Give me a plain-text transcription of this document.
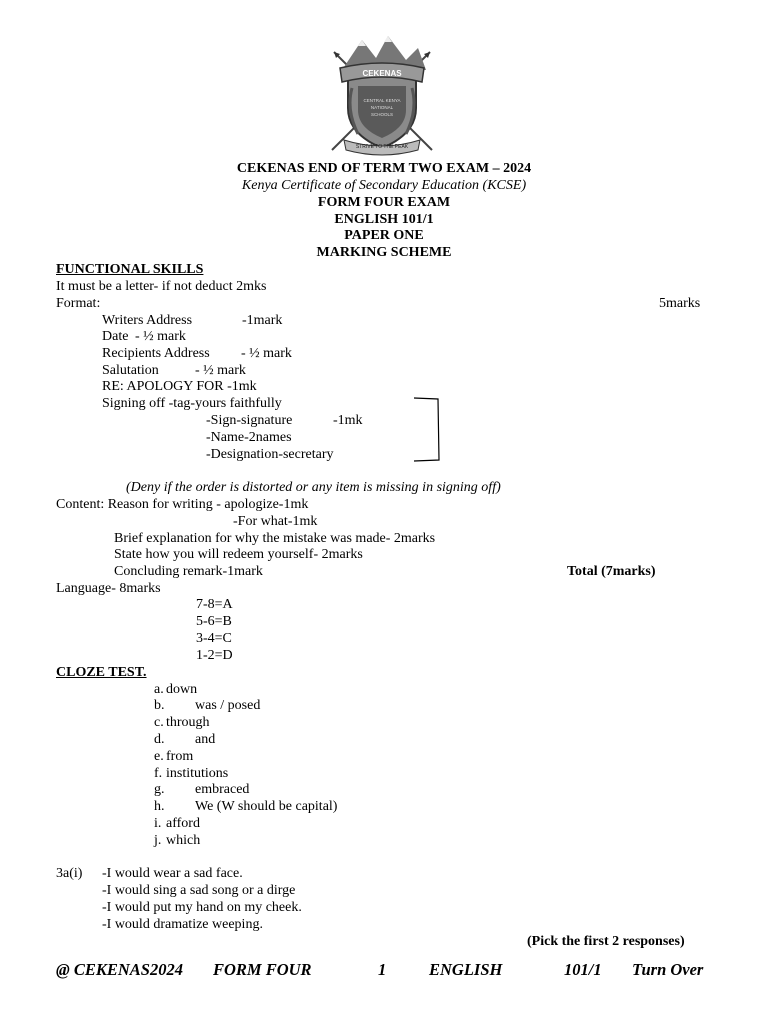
CEKENAS
CENTRAL KENYA
NATIONAL
SCHOOLS
STRIVE TO THE PEAK
CEKENAS END OF TERM TWO EXAM – 2024
Kenya Certificate of Secondary Education (KCSE)
FORM FOUR EXAM
ENGLISH 101/1
PAPER ONE
MARKING SCHEME
FUNCTIONAL SKILLS
It must be a letter- if not deduct 2mks
Format:	5marks
Writers Address	-1mark
Date - ½ mark
Recipients Address - ½ mark
Salutation	- ½ mark
RE: APOLOGY FOR -1mk
Signing off -tag-yours faithfully
-Sign-signature	-1mk
-Name-2names
-Designation-secretary
(Deny if the order is distorted or any item is missing in signing off)
Content: Reason for writing - apologize-1mk
-For what-1mk
Brief explanation for why the mistake was made- 2marks
State how you will redeem yourself- 2marks
Concluding remark-1mark	Total (7marks)
Language- 8marks
7-8=A
5-6=B
3-4=C
1-2=D
CLOZE TEST.
a. down
b. was / posed
c. through
d. and
e. from
f. institutions
g. embraced
h. We (W should be capital)
i. afford
j. which
3a(i) -I would wear a sad face.
-I would sing a sad song or a dirge
-I would put my hand on my cheek.
-I would dramatize weeping.
(Pick the first 2 responses)
@ CEKENAS2024 FORM FOUR	1	ENGLISH	101/1 Turn Over
